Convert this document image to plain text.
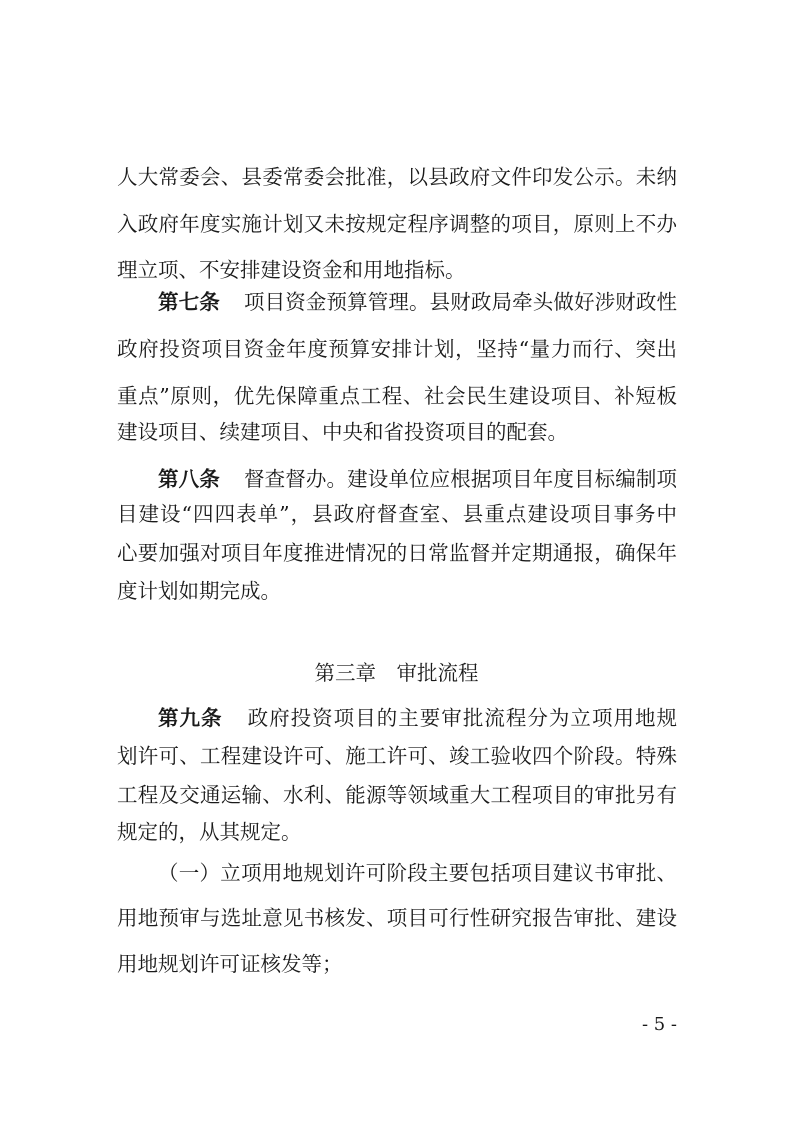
人大常委会、县委常委会批准，以县政府文件印发公示。未纳
入政府年度实施计划又未按规定程序调整的项目，原则上不办
理立项、不安排建设资金和用地指标。
第七条 项目资金预算管理。县财政局牵头做好涉财政性
政府投资项目资金年度预算安排计划，坚持“量力而行、突出
重点”原则，优先保障重点工程、社会民生建设项目、补短板
建设项目、续建项目、中央和省投资项目的配套。
第八条 督查督办。建设单位应根据项目年度目标编制项
目建设“四四表单”，县政府督查室、县重点建设项目事务中
心要加强对项目年度推进情况的日常监督并定期通报，确保年
度计划如期完成。
第三章　审批流程
第九条 政府投资项目的主要审批流程分为立项用地规
划许可、工程建设许可、施工许可、竣工验收四个阶段。特殊
工程及交通运输、水利、能源等领域重大工程项目的审批另有
规定的，从其规定。
（一）立项用地规划许可阶段主要包括项目建议书审批、
用地预审与选址意见书核发、项目可行性研究报告审批、建设
用地规划许可证核发等；
- 5 -
